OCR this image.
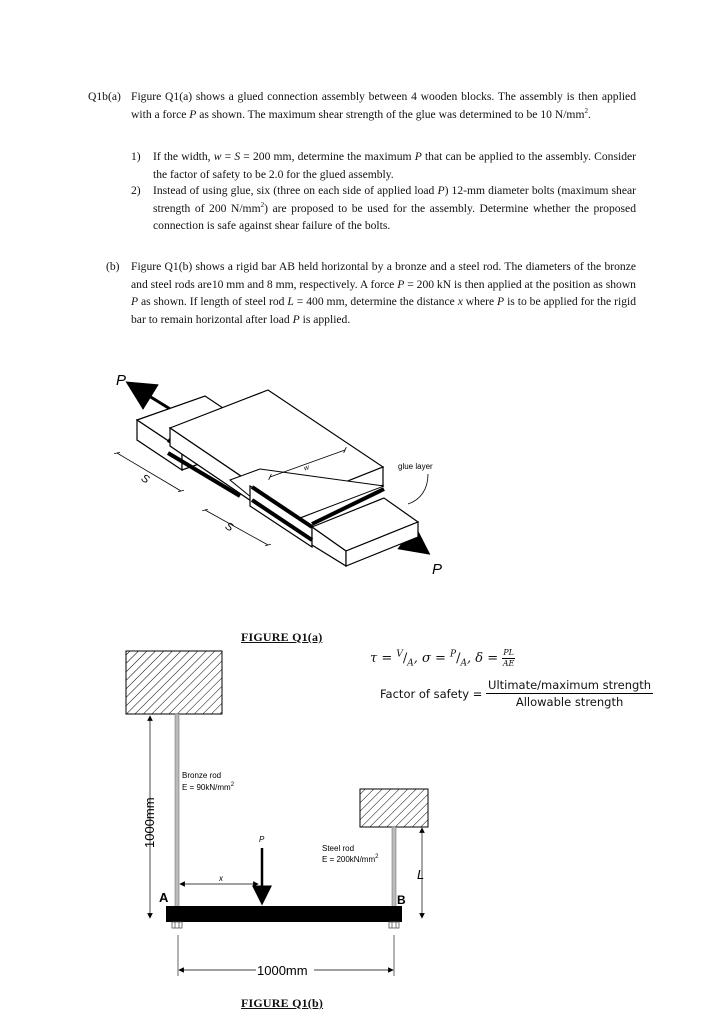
Q1b(a) Figure Q1(a) shows a glued connection assembly between 4 wooden blocks. The assembly is then applied with a force P as shown. The maximum shear strength of the glue was determined to be 10 $N/mm^2$.
1) If the width, w = S = 200 mm, determine the maximum P that can be applied to the assembly. Consider the factor of safety to be 2.0 for the glued assembly.
2) Instead of using glue, six (three on each side of applied load P) 12-mm diameter bolts (maximum shear strength of 200 $N/mm^2$) are proposed to be used for the assembly. Determine whether the proposed connection is safe against shear failure of the bolts.
(b) Figure Q1(b) shows a rigid bar AB held horizontal by a bronze and a steel rod. The diameters of the bronze and steel rods are10 mm and 8 mm, respectively. A force P = 200 kN is then applied at the position as shown P as shown. If length of steel rod L = 400 mm, determine the distance x where P is to be applied for the rigid bar to remain horizontal after load P is applied.
P
P
glue layer
S
S
w
FIGURE Q1(a)
$\tau = ^V/_A$, $\sigma = ^P/_A$, $\delta = \frac{PL}{AE}$
Factor of safety =
Ultimate/maximum strength
Allowable strength
Bronze rod
$E = 90kN/mm^2$
Steel rod
$E = 200kN/mm^2$
1000mm
A	B
P
x	L
1000mm
FIGURE Q1(b)
